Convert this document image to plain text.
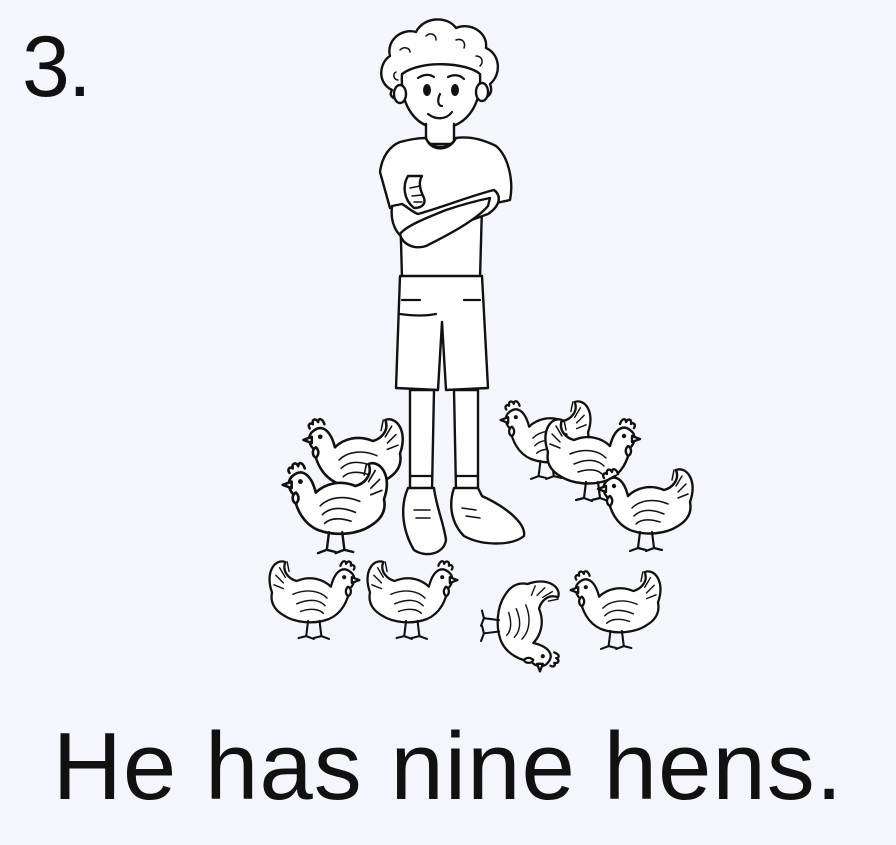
3.
He has nine hens.
